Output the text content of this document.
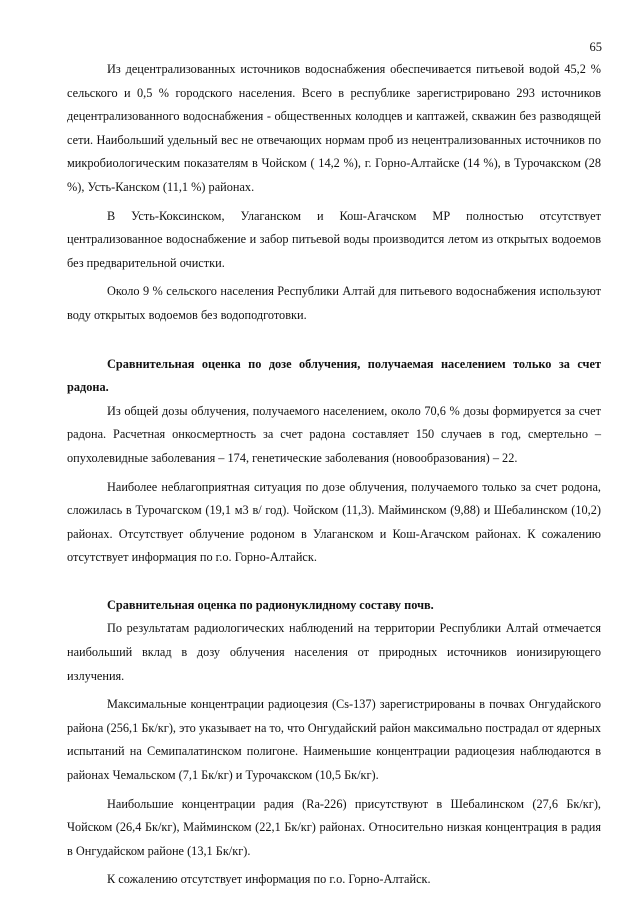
65

Из децентрализованных источников водоснабжения обеспечивается питьевой водой 45,2 % сельского и 0,5 % городского населения. Всего в республике зарегистрировано 293 источников децентрализованного водоснабжения - общественных колодцев и каптажей, скважин без разводящей сети. Наибольший удельный вес не отвечающих нормам проб из нецентрализованных источников по микробиологическим показателям в Чойском ( 14,2 %), г. Горно-Алтайске (14 %), в Турочакском (28 %), Усть-Канском (11,1 %) районах.

В Усть-Коксинском, Улаганском и Кош-Агачском МР полностью отсутствует централизованное водоснабжение и забор питьевой воды производится летом из открытых водоемов без предварительной очистки.

Около 9 % сельского населения Республики Алтай для питьевого водоснабжения используют воду открытых водоемов без водоподготовки.

Сравнительная оценка по дозе облучения, получаемая населением только за счет радона.

Из общей дозы облучения, получаемого населением, около 70,6 % дозы формируется за счет радона. Расчетная онкосмертность за счет радона составляет 150 случаев в год, смертельно – опухолевидные заболевания – 174, генетические заболевания (новообразования) – 22.

Наиболее неблагоприятная ситуация по дозе облучения, получаемого только за счет родона, сложилась в Турочагском (19,1 м3 в/ год). Чойском (11,3). Майминском (9,88) и Шебалинском (10,2) районах. Отсутствует облучение родоном в Улаганском и Кош-Агачском районах. К сожалению отсутствует информация по г.о. Горно-Алтайск.

Сравнительная оценка по радионуклидному составу почв.

По результатам радиологических наблюдений на территории Республики Алтай отмечается наибольший вклад в дозу облучения населения от природных источников ионизирующего излучения.

Максимальные концентрации радиоцезия (Cs-137) зарегистрированы в почвах Онгудайского района (256,1 Бк/кг), это указывает на то, что Онгудайский район максимально пострадал от ядерных испытаний на Семипалатинском полигоне. Наименьшие концентрации радиоцезия наблюдаются в районах Чемальском (7,1 Бк/кг) и Турочакском (10,5 Бк/кг).

Наибольшие концентрации радия (Ra-226) присутствуют в Шебалинском (27,6 Бк/кг), Чойском (26,4 Бк/кг), Майминском (22,1 Бк/кг) районах. Относительно низкая концентрация в радия в Онгудайском районе (13,1 Бк/кг).

К сожалению отсутствует информация по г.о. Горно-Алтайск.
